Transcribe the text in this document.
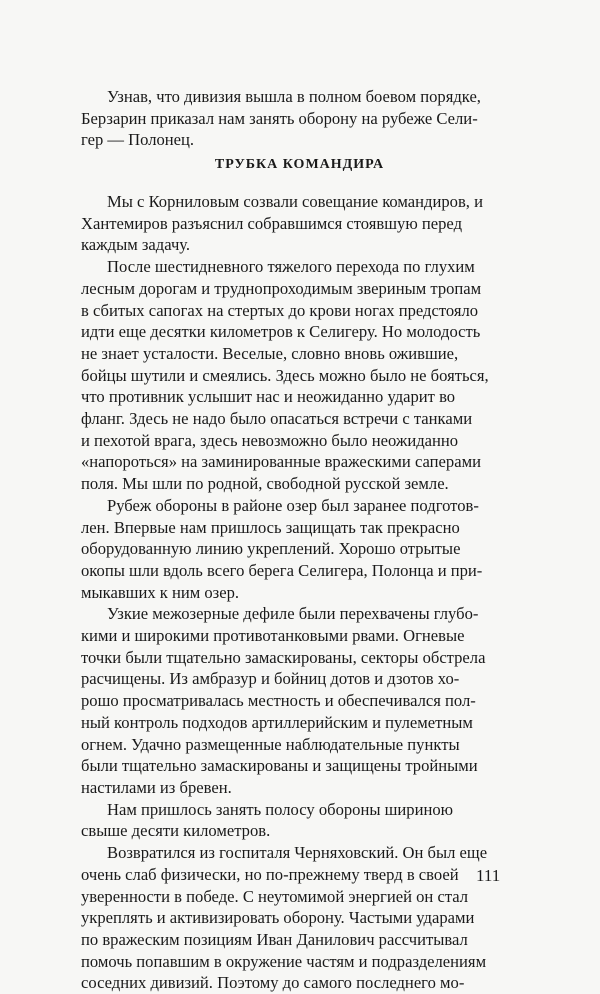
Узнав, что дивизия вышла в полном боевом порядке,
Берзарин приказал нам занять оборону на рубеже Сели-
гер — Полонец.

ТРУБКА КОМАНДИРА

Мы с Корниловым созвали совещание командиров, и
Хантемиров разъяснил собравшимся стоявшую перед
каждым задачу.

После шестидневного тяжелого перехода по глухим
лесным дорогам и труднопроходимым звериным тропам
в сбитых сапогах на стертых до крови ногах предстояло
идти еще десятки километров к Селигеру. Но молодость
не знает усталости. Веселые, словно вновь ожившие,
бойцы шутили и смеялись. Здесь можно было не бояться,
что противник услышит нас и неожиданно ударит во
фланг. Здесь не надо было опасаться встречи с танками
и пехотой врага, здесь невозможно было неожиданно
«напороться» на заминированные вражескими саперами
поля. Мы шли по родной, свободной русской земле.

Рубеж обороны в районе озер был заранее подготов-
лен. Впервые нам пришлось защищать так прекрасно
оборудованную линию укреплений. Хорошо отрытые
окопы шли вдоль всего берега Селигера, Полонца и при-
мыкавших к ним озер.

Узкие межозерные дефиле были перехвачены глубо-
кими и широкими противотанковыми рвами. Огневые
точки были тщательно замаскированы, секторы обстрела
расчищены. Из амбразур и бойниц дотов и дзотов хо-
рошо просматривалась местность и обеспечивался пол-
ный контроль подходов артиллерийским и пулеметным
огнем. Удачно размещенные наблюдательные пункты
были тщательно замаскированы и защищены тройными
настилами из бревен.

Нам пришлось занять полосу обороны шириною
свыше десяти километров.

Возвратился из госпиталя Черняховский. Он был еще
очень слаб физически, но по-прежнему тверд в своей
уверенности в победе. С неутомимой энергией он стал
укреплять и активизировать оборону. Частыми ударами
по вражеским позициям Иван Данилович рассчитывал
помочь попавшим в окружение частям и подразделениям
соседних дивизий. Поэтому до самого последнего мо-

111
